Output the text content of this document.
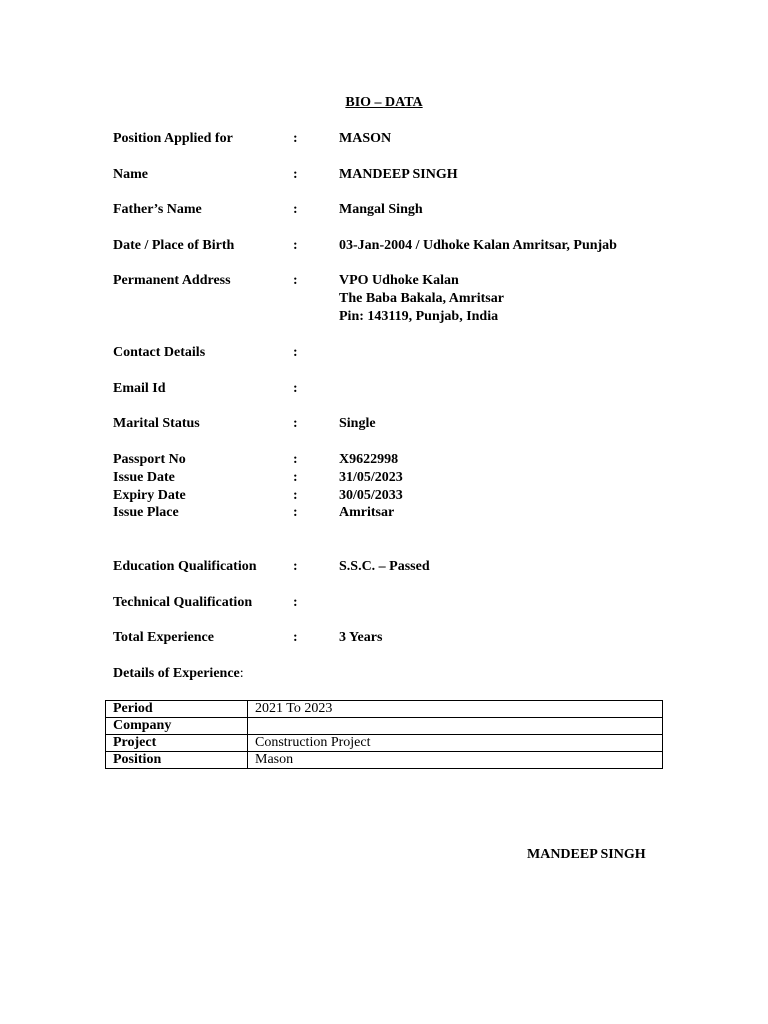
BIO – DATA
Position Applied for	:	MASON
Name	:	MANDEEP SINGH
Father’s Name	:	Mangal Singh
Date / Place of Birth	:	03-Jan-2004 / Udhoke Kalan Amritsar, Punjab
Permanent Address	:	VPO Udhoke Kalan
The Baba Bakala, Amritsar
Pin: 143119, Punjab, India
Contact Details	:
Email Id	:
Marital Status	:	Single
Passport No	:	X9622998
Issue Date	:	31/05/2023
Expiry Date	:	30/05/2033
Issue Place	:	Amritsar
Education Qualification	:	S.S.C. – Passed
Technical Qualification	:
Total Experience	:	3 Years
Details of Experience:
Period	2021 To 2023
Company	
Project	Construction Project
Position	Mason
MANDEEP SINGH
